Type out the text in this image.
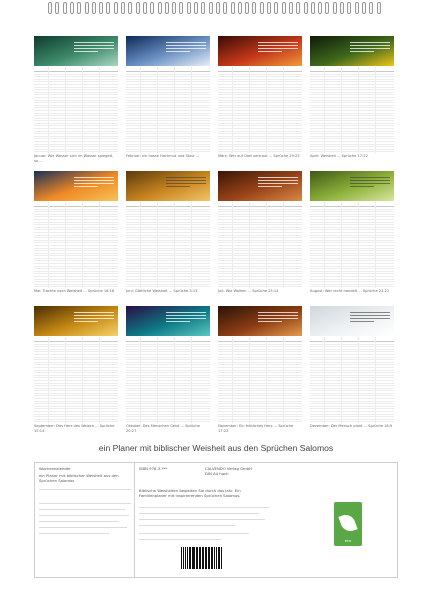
Januar: Wie Wasser sich im Wasser spiegelt, so ...
Februar: Ich hasse Hochmut und Stolz ...	März: Wer auf Gott vertraut ... Sprüche 29:25	April: Weisheit ... Sprüche 17:22
Mai: Trachte nach Weisheit ... Sprüche 16:16	Juni: Göttliche Weisheit ... Sprüche 3:13	Juli: Wie Wolken ... Sprüche 25:14	August: Wer recht handelt ... Sprüche 21:21
September: Das Herz des Weisen ... Sprüche 15:14
Oktober: Des Menschen Geist ... Sprüche 20:27
November: Ein fröhliches Herz ... Sprüche 17:22
Dezember: Der Mensch plant ... Sprüche 16:9
ein Planer mit biblischer Weisheit aus den Sprüchen Salomos
Wochenkalender
ein Planer mit biblischer Weisheit aus den Sprüchen Salomos
ISBN 978-3-***	CALVENDO Verlag GmbH
DIN A4 hoch
Biblische Weisheiten begleiten Sie durch das Jahr. Ein Familienplaner mit inspirierenden Sprüchen Salomos.
eco
